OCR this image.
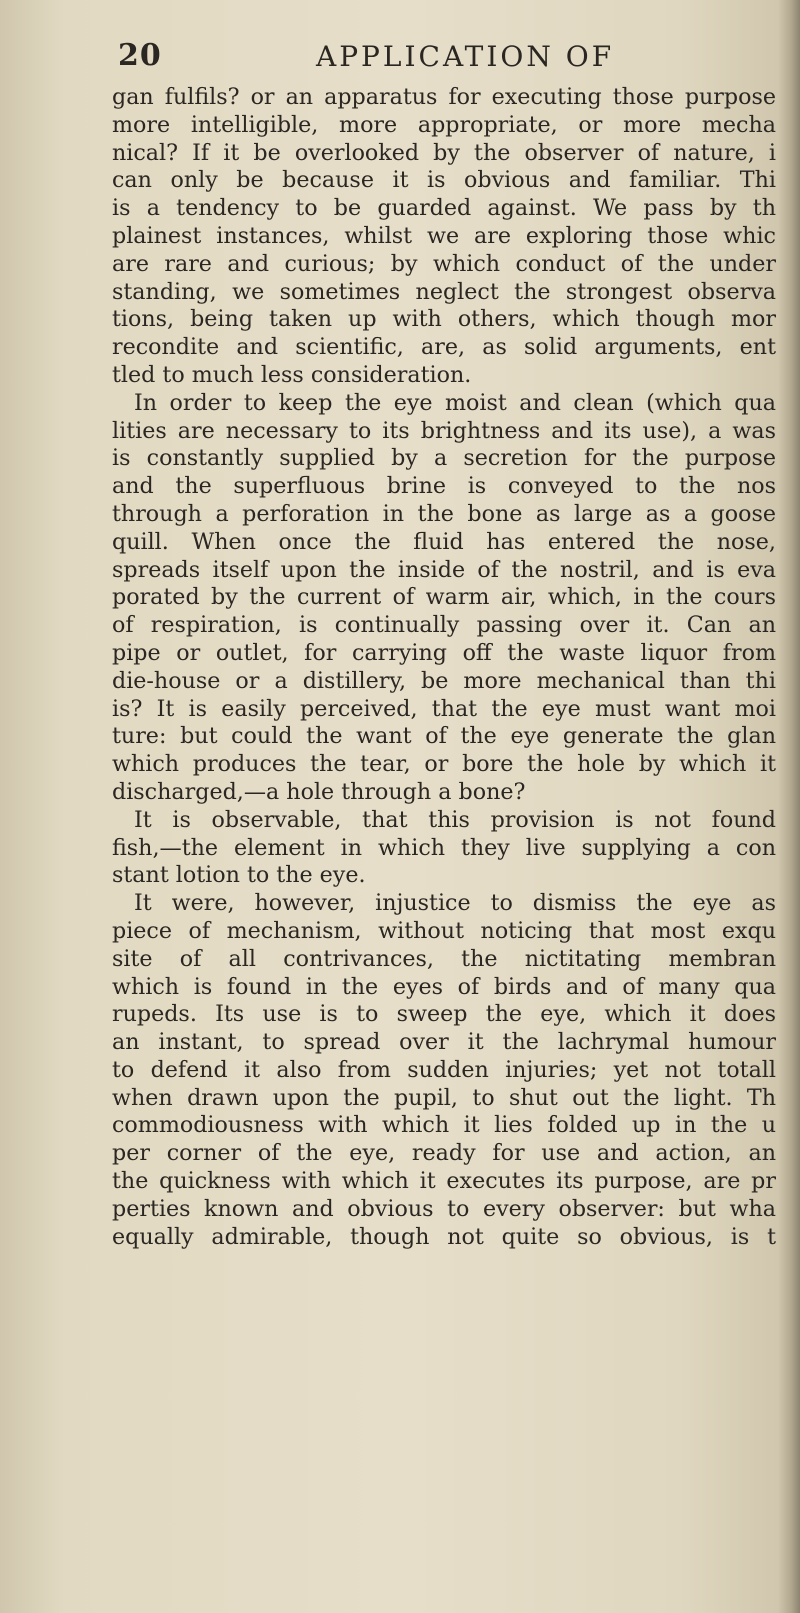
20	APPLICATION OF
gan fulfils? or an apparatus for executing those purpose
more intelligible, more appropriate, or more mecha
nical? If it be overlooked by the observer of nature, i
can only be because it is obvious and familiar. Thi
is a tendency to be guarded against. We pass by th
plainest instances, whilst we are exploring those whic
are rare and curious; by which conduct of the under
standing, we sometimes neglect the strongest observa
tions, being taken up with others, which though mor
recondite and scientific, are, as solid arguments, ent
tled to much less consideration.
In order to keep the eye moist and clean (which qua
lities are necessary to its brightness and its use), a was
is constantly supplied by a secretion for the purpose
and the superfluous brine is conveyed to the nos
through a perforation in the bone as large as a goose
quill. When once the fluid has entered the nose,
spreads itself upon the inside of the nostril, and is eva
porated by the current of warm air, which, in the cours
of respiration, is continually passing over it. Can an
pipe or outlet, for carrying off the waste liquor from
die-house or a distillery, be more mechanical than thi
is? It is easily perceived, that the eye must want moi
ture: but could the want of the eye generate the glan
which produces the tear, or bore the hole by which it
discharged,—a hole through a bone?
It is observable, that this provision is not found
fish,—the element in which they live supplying a con
stant lotion to the eye.
It were, however, injustice to dismiss the eye as
piece of mechanism, without noticing that most exqu
site of all contrivances, the nictitating membran
which is found in the eyes of birds and of many qua
rupeds. Its use is to sweep the eye, which it does
an instant, to spread over it the lachrymal humour
to defend it also from sudden injuries; yet not totall
when drawn upon the pupil, to shut out the light. Th
commodiousness with which it lies folded up in the u
per corner of the eye, ready for use and action, an
the quickness with which it executes its purpose, are pr
perties known and obvious to every observer: but wha
equally admirable, though not quite so obvious, is t
